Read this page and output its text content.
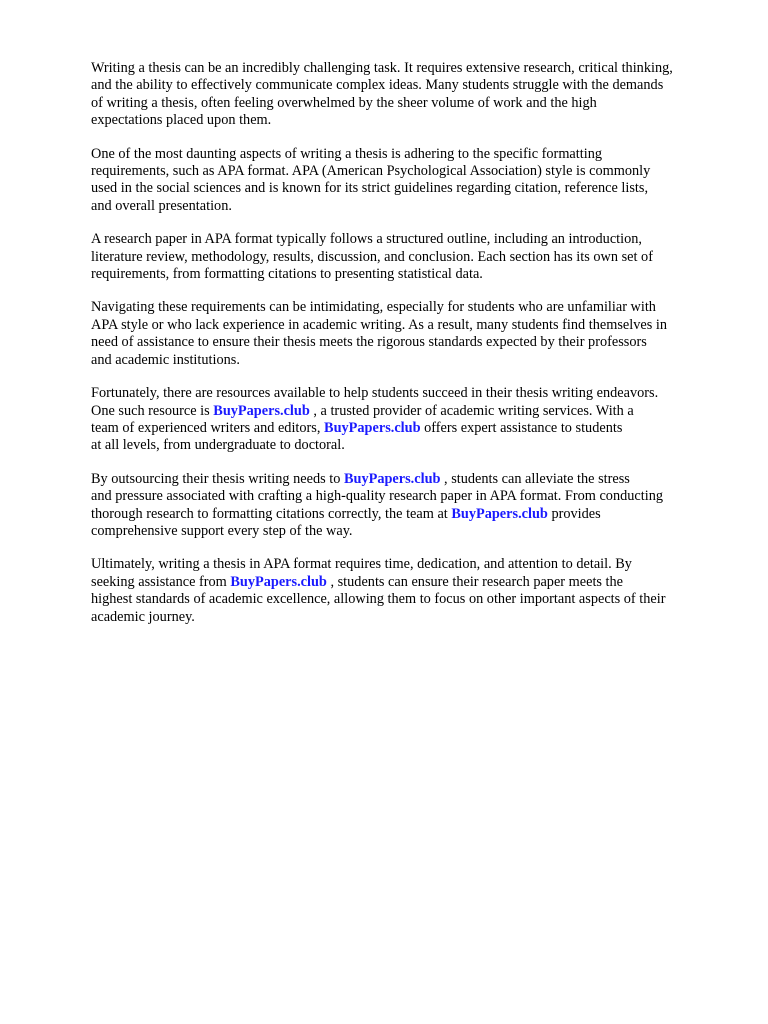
Writing a thesis can be an incredibly challenging task. It requires extensive research, critical thinking,
and the ability to effectively communicate complex ideas. Many students struggle with the demands
of writing a thesis, often feeling overwhelmed by the sheer volume of work and the high
expectations placed upon them.

One of the most daunting aspects of writing a thesis is adhering to the specific formatting
requirements, such as APA format. APA (American Psychological Association) style is commonly
used in the social sciences and is known for its strict guidelines regarding citation, reference lists,
and overall presentation.

A research paper in APA format typically follows a structured outline, including an introduction,
literature review, methodology, results, discussion, and conclusion. Each section has its own set of
requirements, from formatting citations to presenting statistical data.

Navigating these requirements can be intimidating, especially for students who are unfamiliar with
APA style or who lack experience in academic writing. As a result, many students find themselves in
need of assistance to ensure their thesis meets the rigorous standards expected by their professors
and academic institutions.

Fortunately, there are resources available to help students succeed in their thesis writing endeavors.
One such resource is BuyPapers.club , a trusted provider of academic writing services. With a
team of experienced writers and editors, BuyPapers.club offers expert assistance to students
at all levels, from undergraduate to doctoral.

By outsourcing their thesis writing needs to BuyPapers.club , students can alleviate the stress
and pressure associated with crafting a high-quality research paper in APA format. From conducting
thorough research to formatting citations correctly, the team at BuyPapers.club provides
comprehensive support every step of the way.

Ultimately, writing a thesis in APA format requires time, dedication, and attention to detail. By
seeking assistance from BuyPapers.club , students can ensure their research paper meets the
highest standards of academic excellence, allowing them to focus on other important aspects of their
academic journey.
